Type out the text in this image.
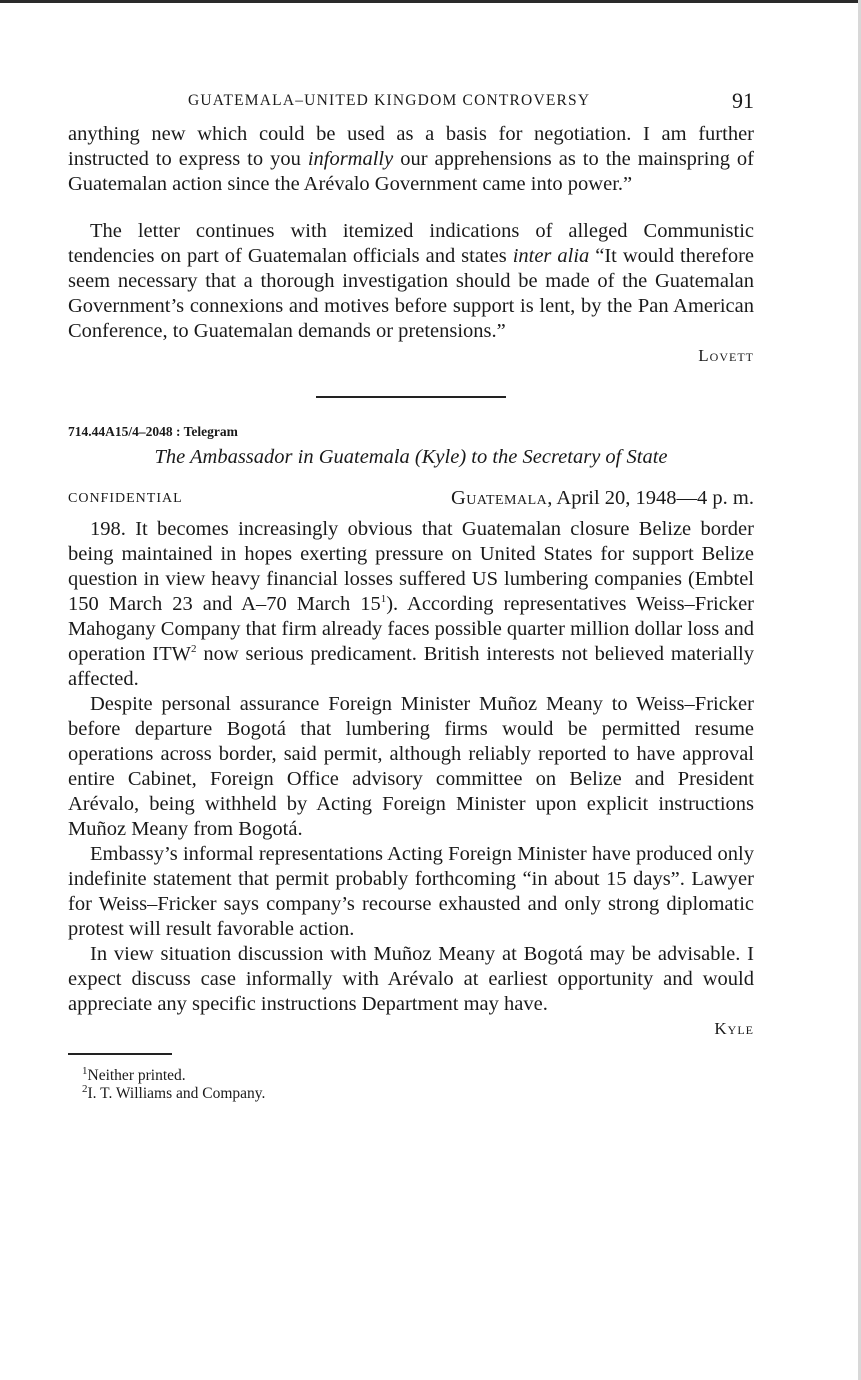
GUATEMALA–UNITED KINGDOM CONTROVERSY	91

anything new which could be used as a basis for negotiation. I am further instructed to express to you informally our apprehensions as to the mainspring of Guatemalan action since the Arévalo Government came into power.”

The letter continues with itemized indications of alleged Communistic tendencies on part of Guatemalan officials and states inter alia “It would therefore seem necessary that a thorough investigation should be made of the Guatemalan Government’s connexions and motives before support is lent, by the Pan American Conference, to Guatemalan demands or pretensions.”

Lovett
714.44A15/4–2048 : Telegram
The Ambassador in Guatemala (Kyle) to the Secretary of State
CONFIDENTIAL	Guatemala, April 20, 1948—4 p. m.

198. It becomes increasingly obvious that Guatemalan closure Belize border being maintained in hopes exerting pressure on United States for support Belize question in view heavy financial losses suffered US lumbering companies (Embtel 150 March 23 and A–70 March $15^1$). According representatives Weiss–Fricker Mahogany Company that firm already faces possible quarter million dollar loss and operation ITW$^2$ now serious predicament. British interests not believed materially affected.

Despite personal assurance Foreign Minister Muñoz Meany to Weiss–Fricker before departure Bogotá that lumbering firms would be permitted resume operations across border, said permit, although reliably reported to have approval entire Cabinet, Foreign Office advisory committee on Belize and President Arévalo, being withheld by Acting Foreign Minister upon explicit instructions Muñoz Meany from Bogotá.

Embassy’s informal representations Acting Foreign Minister have produced only indefinite statement that permit probably forthcoming “in about 15 days”. Lawyer for Weiss–Fricker says company’s recourse exhausted and only strong diplomatic protest will result favorable action.

In view situation discussion with Muñoz Meany at Bogotá may be advisable. I expect discuss case informally with Arévalo at earliest opportunity and would appreciate any specific instructions Department may have.

Kyle
$^1$Neither printed.
$^2$I. T. Williams and Company.
